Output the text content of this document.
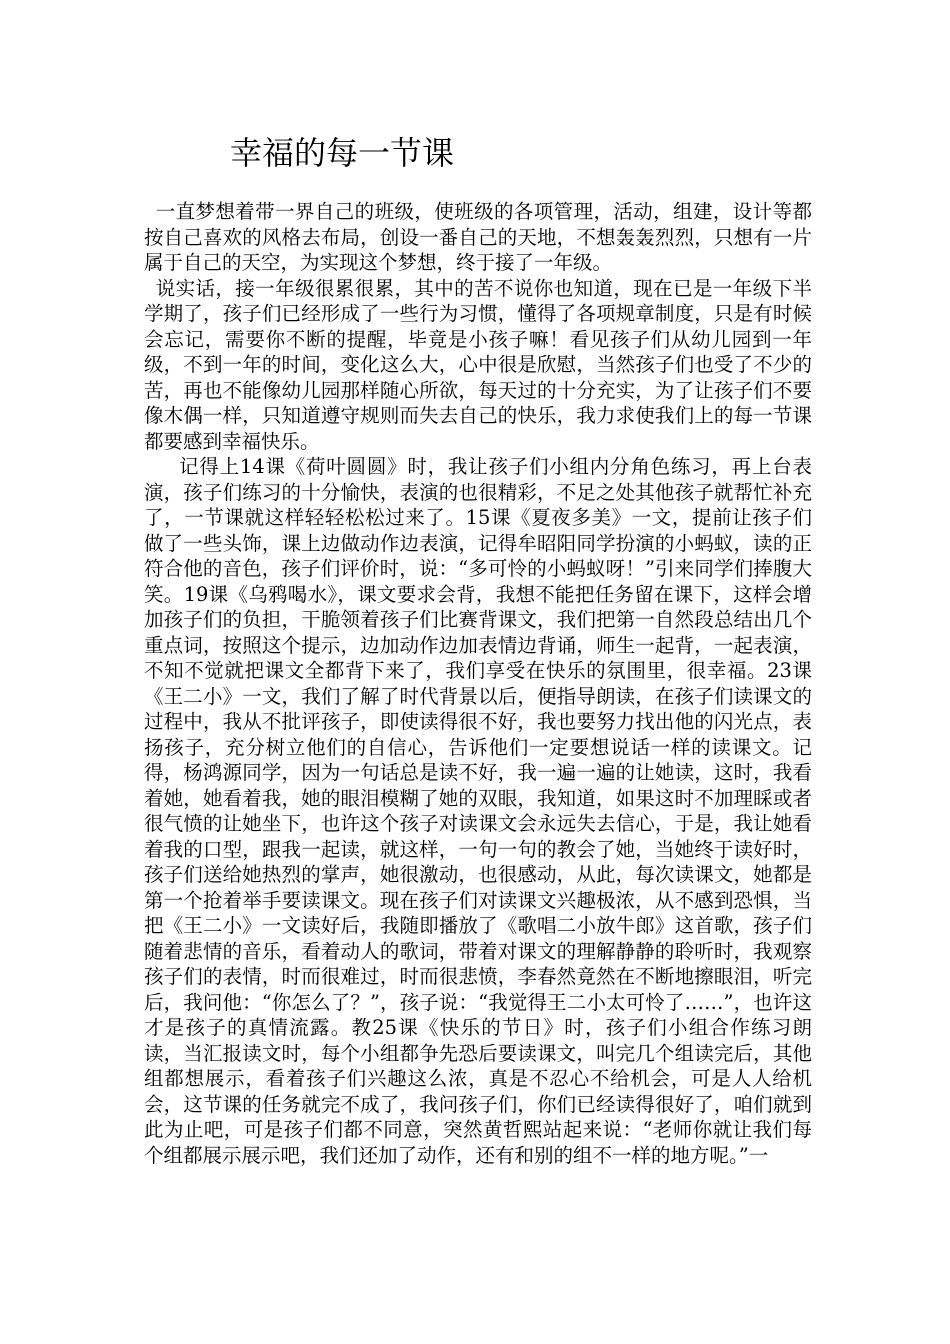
幸福的每一节课

一直梦想着带一界自己的班级，使班级的各项管理，活动，组建，设计等都按自己喜欢的风格去布局，创设一番自己的天地，不想轰轰烈烈，只想有一片属于自己的天空，为实现这个梦想，终于接了一年级。

说实话，接一年级很累很累，其中的苦不说你也知道，现在已是一年级下半学期了，孩子们已经形成了一些行为习惯，懂得了各项规章制度，只是有时候会忘记，需要你不断的提醒，毕竟是小孩子嘛！看见孩子们从幼儿园到一年级，不到一年的时间，变化这么大，心中很是欣慰，当然孩子们也受了不少的苦，再也不能像幼儿园那样随心所欲，每天过的十分充实，为了让孩子们不要像木偶一样，只知道遵守规则而失去自己的快乐，我力求使我们上的每一节课都要感到幸福快乐。

记得上14课《荷叶圆圆》时，我让孩子们小组内分角色练习，再上台表演，孩子们练习的十分愉快，表演的也很精彩，不足之处其他孩子就帮忙补充了，一节课就这样轻轻松松过来了。15课《夏夜多美》一文，提前让孩子们做了一些头饰，课上边做动作边表演，记得牟昭阳同学扮演的小蚂蚁，读的正符合他的音色，孩子们评价时，说：“多可怜的小蚂蚁呀！”引来同学们捧腹大笑。19课《乌鸦喝水》，课文要求会背，我想不能把任务留在课下，这样会增加孩子们的负担，干脆领着孩子们比赛背课文，我们把第一自然段总结出几个重点词，按照这个提示，边加动作边加表情边背诵，师生一起背，一起表演，不知不觉就把课文全都背下来了，我们享受在快乐的氛围里，很幸福。23课《王二小》一文，我们了解了时代背景以后，便指导朗读，在孩子们读课文的过程中，我从不批评孩子，即使读得很不好，我也要努力找出他的闪光点，表扬孩子，充分树立他们的自信心，告诉他们一定要想说话一样的读课文。记得，杨鸿源同学，因为一句话总是读不好，我一遍一遍的让她读，这时，我看着她，她看着我，她的眼泪模糊了她的双眼，我知道，如果这时不加理睬或者很气愤的让她坐下，也许这个孩子对读课文会永远失去信心，于是，我让她看着我的口型，跟我一起读，就这样，一句一句的教会了她，当她终于读好时，孩子们送给她热烈的掌声，她很激动，也很感动，从此，每次读课文，她都是第一个抢着举手要读课文。现在孩子们对读课文兴趣极浓，从不感到恐惧，当把《王二小》一文读好后，我随即播放了《歌唱二小放牛郎》这首歌，孩子们随着悲情的音乐，看着动人的歌词，带着对课文的理解静静的聆听时，我观察孩子们的表情，时而很难过，时而很悲愤，李春然竟然在不断地擦眼泪，听完后，我问他：“你怎么了？”，孩子说：“我觉得王二小太可怜了……”，也许这才是孩子的真情流露。教25课《快乐的节日》时，孩子们小组合作练习朗读，当汇报读文时，每个小组都争先恐后要读课文，叫完几个组读完后，其他组都想展示，看着孩子们兴趣这么浓，真是不忍心不给机会，可是人人给机会，这节课的任务就完不成了，我问孩子们，你们已经读得很好了，咱们就到此为止吧，可是孩子们都不同意，突然黄哲熙站起来说：“老师你就让我们每个组都展示展示吧，我们还加了动作，还有和别的组不一样的地方呢。”一
